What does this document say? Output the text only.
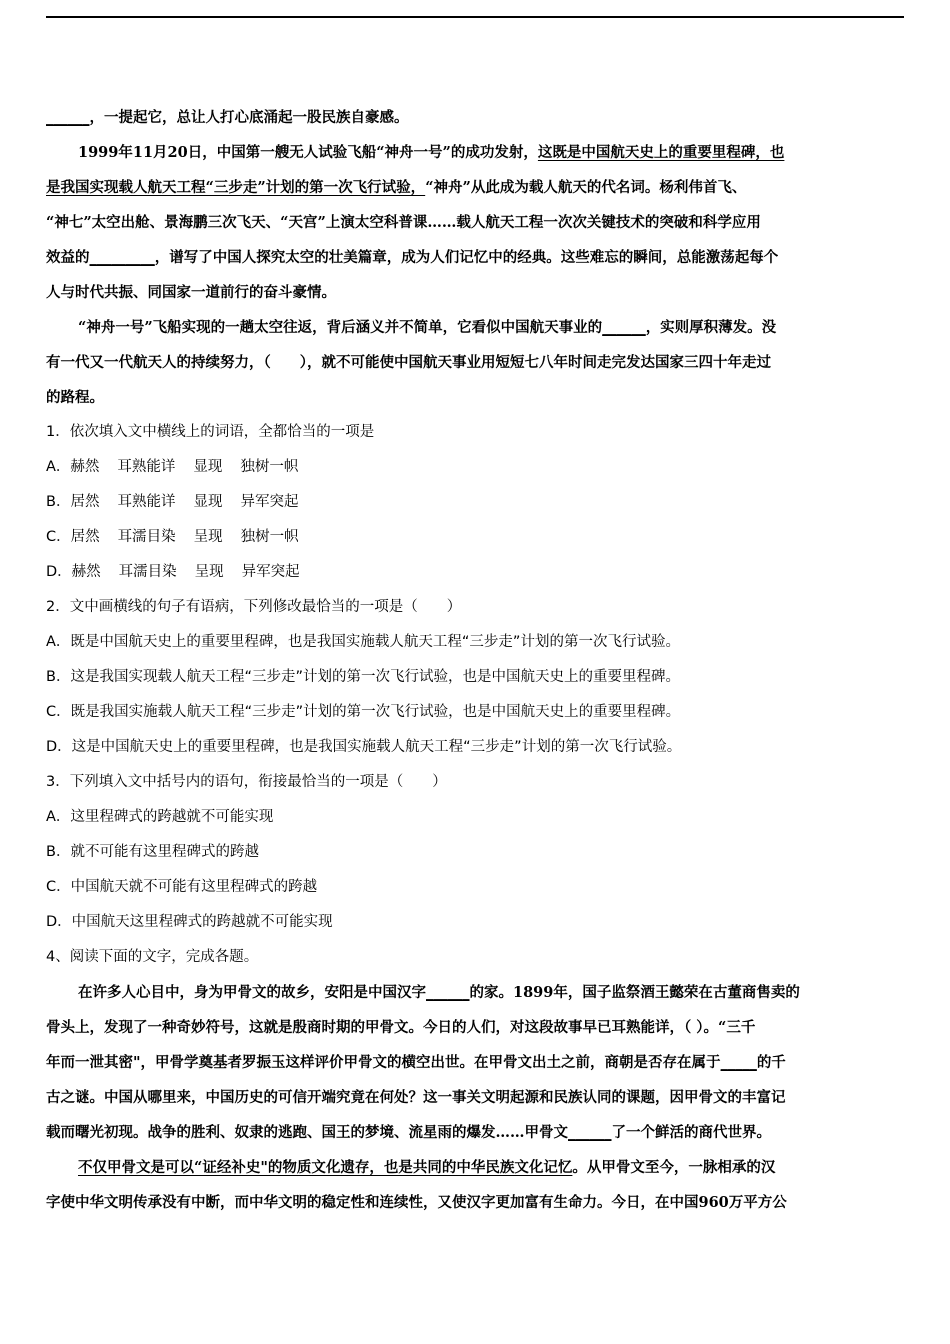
______，一提起它，总让人打心底涌起一股民族自豪感。
1999年11月20日，中国第一艘无人试验飞船“神舟一号”的成功发射，这既是中国航天史上的重要里程碑，也
是我国实现载人航天工程“三步走”计划的第一次飞行试验，“神舟”从此成为载人航天的代名词。杨利伟首飞、
“神七”太空出舱、景海鹏三次飞天、“天宫”上演太空科普课……载人航天工程一次次关键技术的突破和科学应用
效益的_________，谱写了中国人探究太空的壮美篇章，成为人们记忆中的经典。这些难忘的瞬间，总能激荡起每个
人与时代共振、同国家一道前行的奋斗豪情。
“神舟一号”飞船实现的一趟太空往返，背后涵义并不简单，它看似中国航天事业的______，实则厚积薄发。没
有一代又一代航天人的持续努力，（　　），就不可能使中国航天事业用短短七八年时间走完发达国家三四十年走过
的路程。
1．依次填入文中横线上的词语，全都恰当的一项是
A．赫然 耳熟能详 显现 独树一帜
B．居然 耳熟能详 显现 异军突起
C．居然 耳濡目染 呈现 独树一帜
D．赫然 耳濡目染 呈现 异军突起
2．文中画横线的句子有语病，下列修改最恰当的一项是（　　）
A．既是中国航天史上的重要里程碑，也是我国实施载人航天工程“三步走”计划的第一次飞行试验。
B．这是我国实现载人航天工程“三步走”计划的第一次飞行试验，也是中国航天史上的重要里程碑。
C．既是我国实施载人航天工程“三步走”计划的第一次飞行试验，也是中国航天史上的重要里程碑。
D．这是中国航天史上的重要里程碑，也是我国实施载人航天工程“三步走”计划的第一次飞行试验。
3．下列填入文中括号内的语句，衔接最恰当的一项是（　　）
A．这里程碑式的跨越就不可能实现
B．就不可能有这里程碑式的跨越
C．中国航天就不可能有这里程碑式的跨越
D．中国航天这里程碑式的跨越就不可能实现
4、阅读下面的文字，完成各题。
在许多人心目中，身为甲骨文的故乡，安阳是中国汉字______的家。1899年，国子监祭酒王懿荣在古董商售卖的
骨头上，发现了一种奇妙符号，这就是殷商时期的甲骨文。今日的人们，对这段故事早已耳熟能详，（ ）。“三千
年而一泄其密"，甲骨学奠基者罗振玉这样评价甲骨文的横空出世。在甲骨文出土之前，商朝是否存在属于_____的千
古之谜。中国从哪里来，中国历史的可信开端究竟在何处？这一事关文明起源和民族认同的课题，因甲骨文的丰富记
载而曙光初现。战争的胜利、奴隶的逃跑、国王的梦境、流星雨的爆发……甲骨文______了一个鲜活的商代世界。
不仅甲骨文是可以“证经补史"的物质文化遗存，也是共同的中华民族文化记忆。从甲骨文至今，一脉相承的汉
字使中华文明传承没有中断，而中华文明的稳定性和连续性，又使汉字更加富有生命力。今日，在中国960万平方公
